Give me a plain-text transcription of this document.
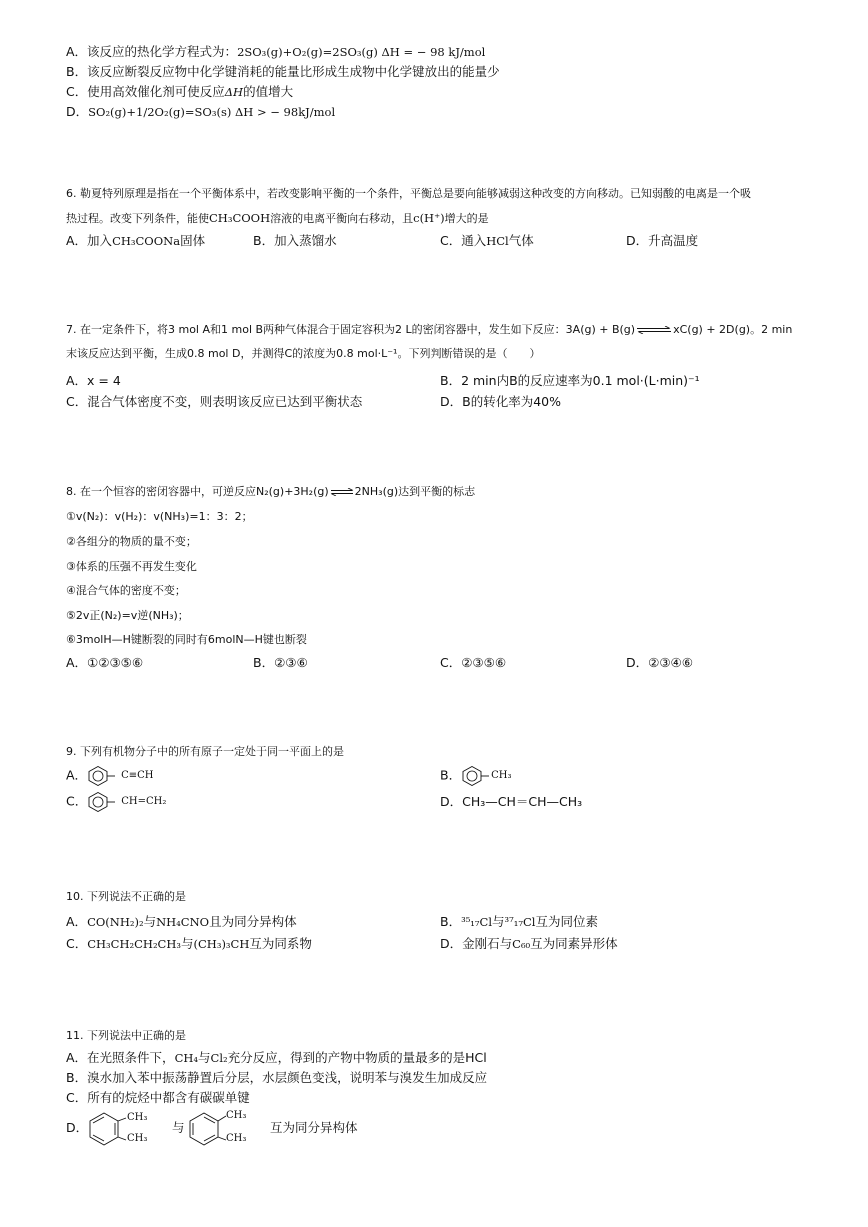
A．该反应的热化学方程式为：2SO₃(g)+O₂(g)=2SO₃(g) ΔH = − 98 kJ/mol
B．该反应断裂反应物中化学键消耗的能量比形成生成物中化学键放出的能量少
C．使用高效催化剂可使反应ΔH的值增大
D．SO₂(g)+1/2O₂(g)=SO₃(s) ΔH > − 98kJ/mol
6. 勒夏特列原理是指在一个平衡体系中，若改变影响平衡的一个条件，平衡总是要向能够减弱这种改变的方向移动。已知弱酸的电离是一个吸
热过程。改变下列条件，能使CH₃COOH溶液的电离平衡向右移动，且c(H⁺)增大的是
A．加入CH₃COONa固体	B．加入蒸馏水	C．通入HCl气体	D．升高温度
7. 在一定条件下，将3 mol A和1 mol B两种气体混合于固定容积为2 L的密闭容器中，发生如下反应：3A(g) + B(g)⇌xC(g) + 2D(g)。2 min
末该反应达到平衡，生成0.8 mol D，并测得C的浓度为0.8 mol·L⁻¹。下列判断错误的是（　　）
A．x = 4	B．2 min内B的反应速率为0.1 mol·(L·min)⁻¹
C．混合气体密度不变，则表明该反应已达到平衡状态	D．B的转化率为40%
8. 在一个恒容的密闭容器中，可逆反应N₂(g)+3H₂(g)⇌2NH₃(g)达到平衡的标志
①v(N₂)：v(H₂)：v(NH₃)=1：3：2；
②各组分的物质的量不变；
③体系的压强不再发生变化
④混合气体的密度不变；
⑤2v正(N₂)=v逆(NH₃)；
⑥3molH—H键断裂的同时有6molN—H键也断裂
A．①②③⑤⑥	B．②③⑥	C．②③⑤⑥	D．②③④⑥
9. 下列有机物分子中的所有原子一定处于同一平面上的是
A．	C≡CH	B．	CH₃
C．	CH=CH₂	D．CH₃—CH＝CH—CH₃
10. 下列说法不正确的是
A．CO(NH₂)₂与NH₄CNO且为同分异构体	B．³⁵₁₇Cl与³⁷₁₇Cl互为同位素
C．CH₃CH₂CH₂CH₃与(CH₃)₃CH互为同系物	D．金刚石与C₆₀互为同素异形体
11. 下列说法中正确的是
A．在光照条件下，CH₄与Cl₂充分反应，得到的产物中物质的量最多的是HCl
B．溴水加入苯中振荡静置后分层，水层颜色变浅，说明苯与溴发生加成反应
C．所有的烷烃中都含有碳碳单键
D．
CH₃
CH₃
与
CH₃
CH₃
互为同分异构体
